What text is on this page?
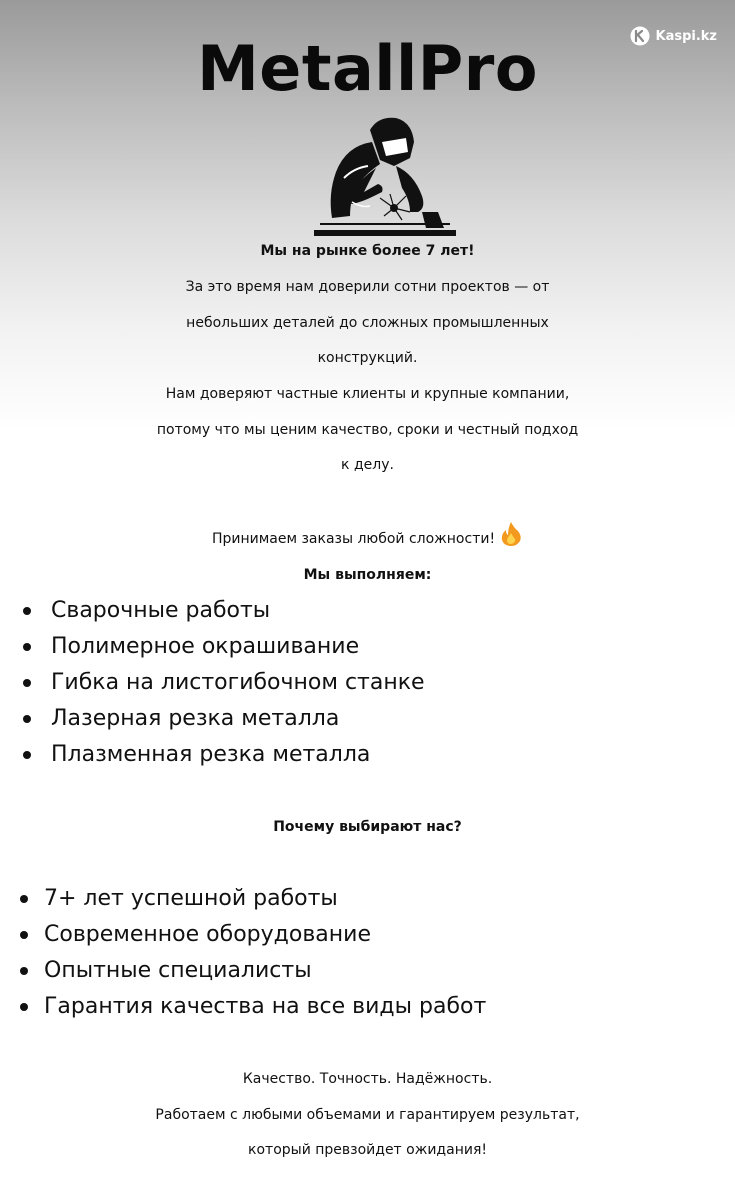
Kaspi.kz
MetallPro
Мы на рынке более 7 лет!
За это время нам доверили сотни проектов — от
небольших деталей до сложных промышленных
конструкций.
Нам доверяют частные клиенты и крупные компании,
потому что мы ценим качество, сроки и честный подход
к делу.
Принимаем заказы любой сложности!
Мы выполняем:
Сварочные работы
Полимерное окрашивание
Гибка на листогибочном станке
Лазерная резка металла
Плазменная резка металла
Почему выбирают нас?
7+ лет успешной работы
Современное оборудование
Опытные специалисты
Гарантия качества на все виды работ
Качество. Точность. Надёжность.
Работаем с любыми объемами и гарантируем результат,
который превзойдет ожидания!
